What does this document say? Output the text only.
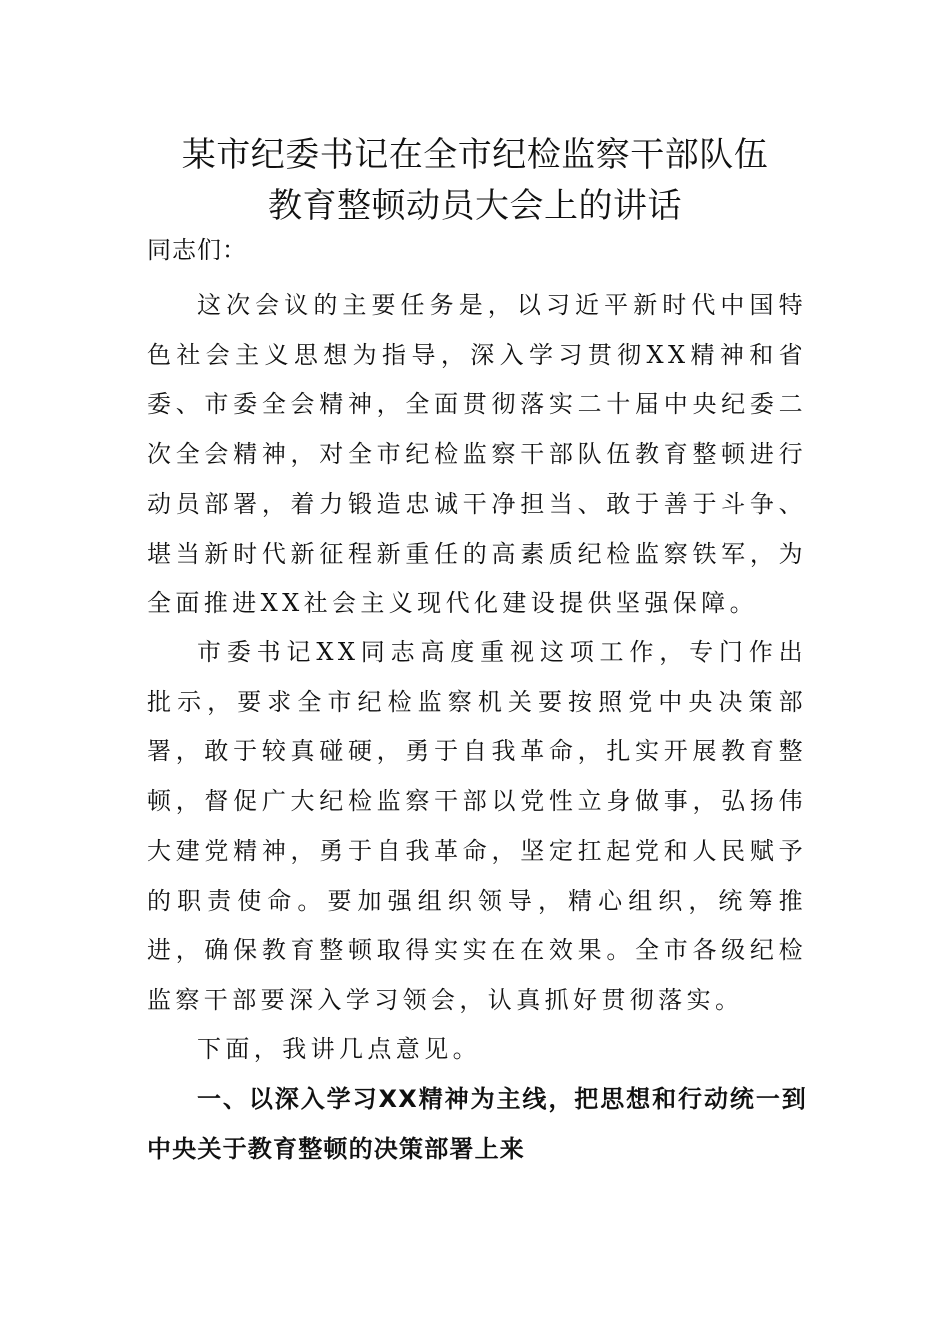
某市纪委书记在全市纪检监察干部队伍
教育整顿动员大会上的讲话
同志们：

这次会议的主要任务是，以习近平新时代中国特色社会主义思想为指导，深入学习贯彻XX精神和省委、市委全会精神，全面贯彻落实二十届中央纪委二次全会精神，对全市纪检监察干部队伍教育整顿进行动员部署，着力锻造忠诚干净担当、敢于善于斗争、堪当新时代新征程新重任的高素质纪检监察铁军，为全面推进XX社会主义现代化建设提供坚强保障。

市委书记XX同志高度重视这项工作，专门作出批示，要求全市纪检监察机关要按照党中央决策部署，敢于较真碰硬，勇于自我革命，扎实开展教育整顿，督促广大纪检监察干部以党性立身做事，弘扬伟大建党精神，勇于自我革命，坚定扛起党和人民赋予的职责使命。要加强组织领导，精心组织，统筹推进，确保教育整顿取得实实在在效果。全市各级纪检监察干部要深入学习领会，认真抓好贯彻落实。

下面，我讲几点意见。

一、以深入学习XX精神为主线，把思想和行动统一到中央关于教育整顿的决策部署上来
